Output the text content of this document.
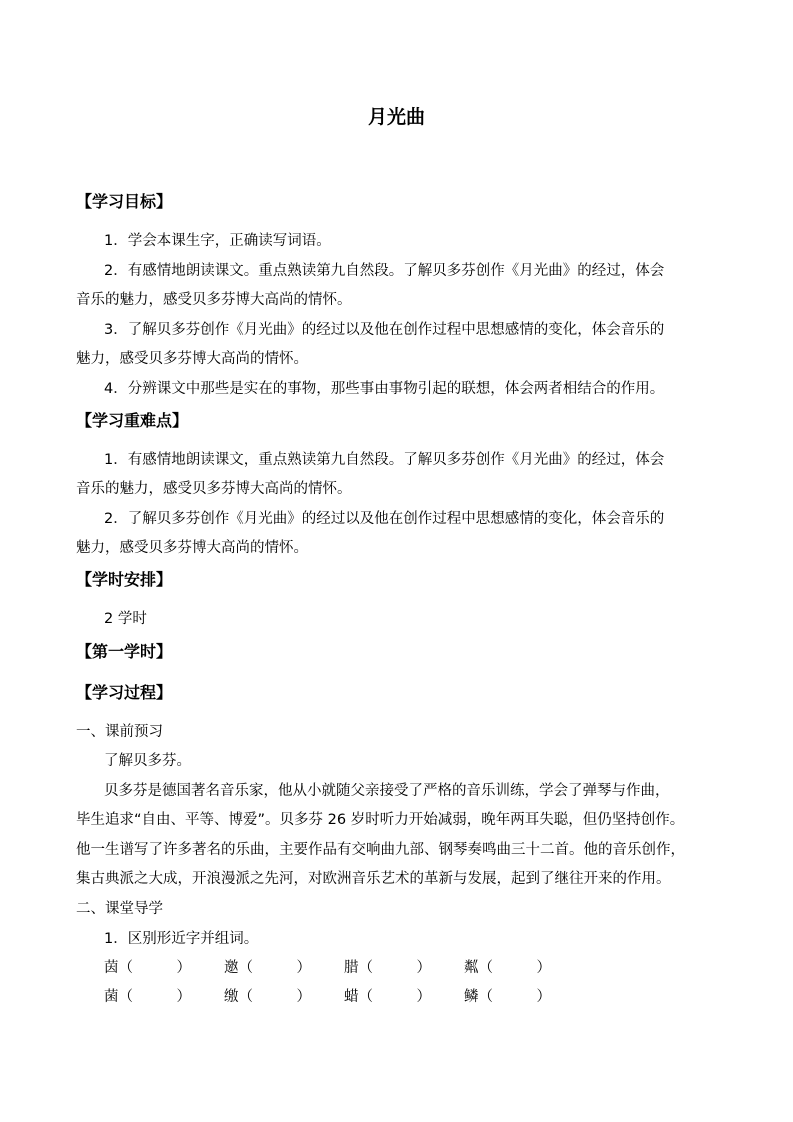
月光曲
【学习目标】
1．学会本课生字，正确读写词语。
2．有感情地朗读课文。重点熟读第九自然段。了解贝多芬创作《月光曲》的经过，体会
音乐的魅力，感受贝多芬博大高尚的情怀。
3．了解贝多芬创作《月光曲》的经过以及他在创作过程中思想感情的变化，体会音乐的
魅力，感受贝多芬博大高尚的情怀。
4．分辨课文中那些是实在的事物，那些事由事物引起的联想，体会两者相结合的作用。
【学习重难点】
1．有感情地朗读课文，重点熟读第九自然段。了解贝多芬创作《月光曲》的经过，体会
音乐的魅力，感受贝多芬博大高尚的情怀。
2．了解贝多芬创作《月光曲》的经过以及他在创作过程中思想感情的变化，体会音乐的
魅力，感受贝多芬博大高尚的情怀。
【学时安排】
2 学时
【第一学时】
【学习过程】
一、课前预习
了解贝多芬。
贝多芬是德国著名音乐家，他从小就随父亲接受了严格的音乐训练，学会了弹琴与作曲，
毕生追求“自由、平等、博爱”。贝多芬 26 岁时听力开始减弱，晚年两耳失聪，但仍坚持创作。
他一生谱写了许多著名的乐曲，主要作品有交响曲九部、钢琴奏鸣曲三十二首。他的音乐创作，
集古典派之大成，开浪漫派之先河，对欧洲音乐艺术的革新与发展，起到了继往开来的作用。
二、课堂导学
1．区别形近字并组词。
茵（　　　） 邀（　　　） 腊（　　　） 粼（　　　）
菌（　　　） 缴（　　　） 蜡（　　　） 鳞（　　　）
